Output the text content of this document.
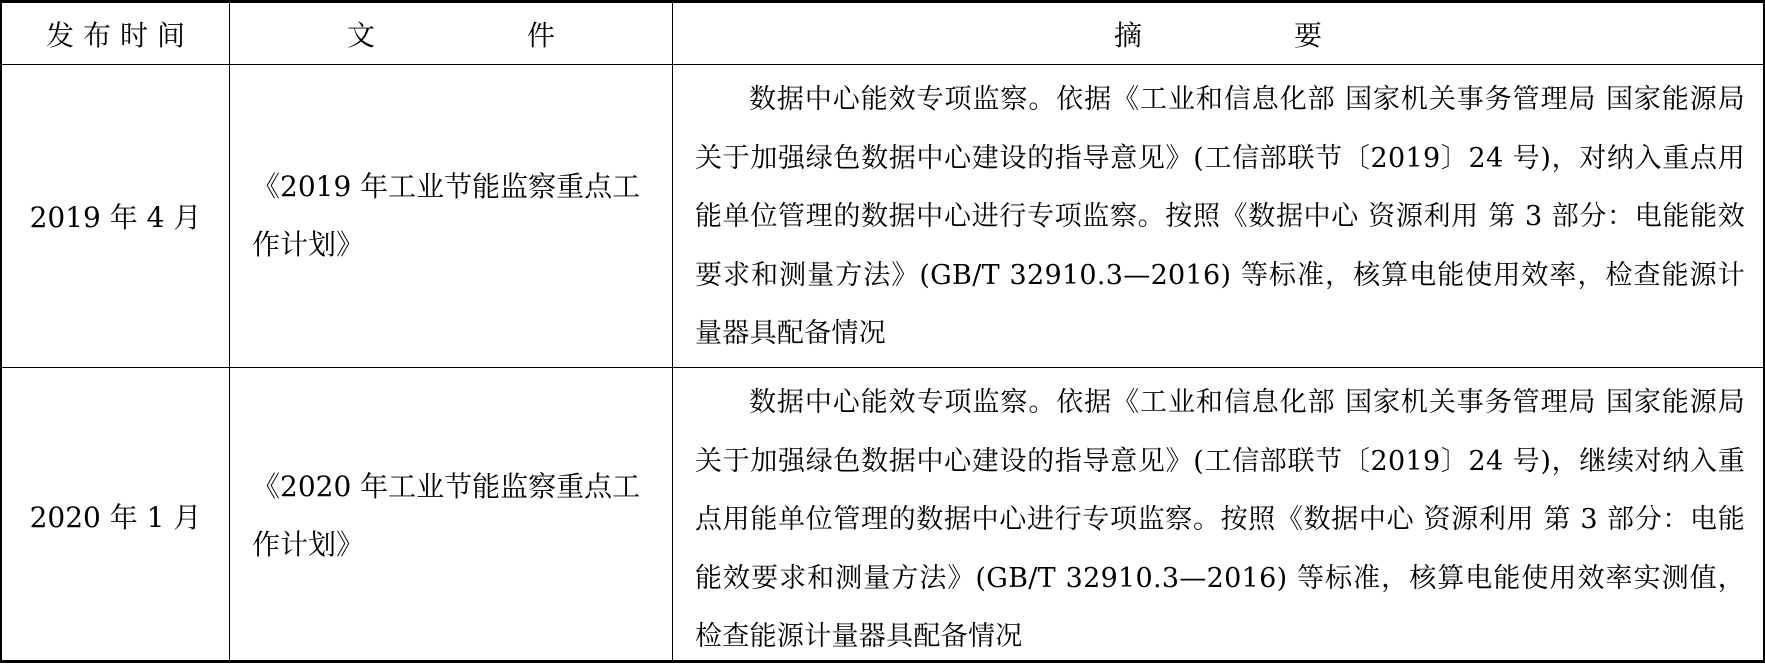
发布时间	文　件	摘　要
2019 年 4 月
《2019 年工业节能监察重点工作计划》
数据中心能效专项监察。依据《工业和信息化部 国家机关事务管理局 国家能源局关于加强绿色数据中心建设的指导意见》(工信部联节〔2019〕24 号)，对纳入重点用能单位管理的数据中心进行专项监察。按照《数据中心 资源利用 第 3 部分：电能能效要求和测量方法》(GB/T 32910.3—2016) 等标准，核算电能使用效率，检查能源计量器具配备情况
2020 年 1 月
《2020 年工业节能监察重点工作计划》
数据中心能效专项监察。依据《工业和信息化部 国家机关事务管理局 国家能源局关于加强绿色数据中心建设的指导意见》(工信部联节〔2019〕24 号)，继续对纳入重点用能单位管理的数据中心进行专项监察。按照《数据中心 资源利用 第 3 部分：电能能效要求和测量方法》(GB/T 32910.3—2016) 等标准，核算电能使用效率实测值，检查能源计量器具配备情况
